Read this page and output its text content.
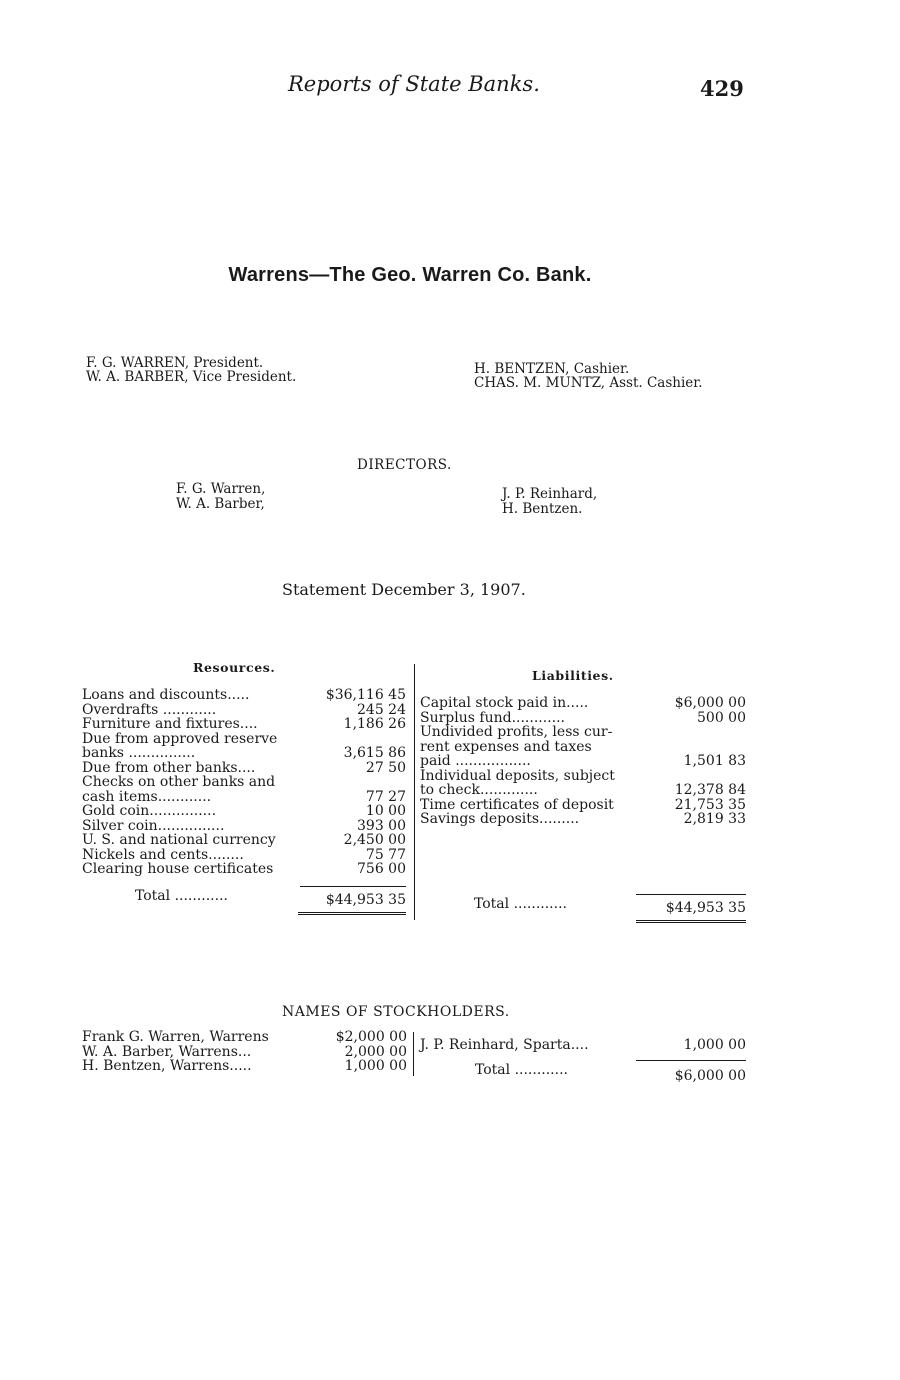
Reports of State Banks.	429
Warrens—The Geo. Warren Co. Bank.
F. G. WARREN, President.
W. A. BARBER, Vice President.	H. BENTZEN, Cashier.
CHAS. M. MUNTZ, Asst. Cashier.
DIRECTORS.
F. G. Warren,
W. A. Barber,
J. P. Reinhard,
H. Bentzen.
Statement December 3, 1907.
Resources.
Loans and discounts.....	$36,116 45
Overdrafts ............	245 24
Furniture and fixtures....	1,186 26
Due from approved reserve
banks ...............	3,615 86
Due from other banks....	27 50
Checks on other banks and
cash items............	77 27
Gold coin...............	10 00
Silver coin...............	393 00
U. S. and national currency	2,450 00
Nickels and cents........	75 77
Clearing house certificates	756 00
Total ............	$44,953 35
Liabilities.
Capital stock paid in.....	$6,000 00
Surplus fund............	500 00
Undivided profits, less cur-
rent expenses and taxes
paid .................	1,501 83
Individual deposits, subject
to check.............	12,378 84
Time certificates of deposit	21,753 35
Savings deposits.........	2,819 33
Total ............	$44,953 35
NAMES OF STOCKHOLDERS.
Frank G. Warren, Warrens	$2,000 00
W. A. Barber, Warrens...	2,000 00
H. Bentzen, Warrens.....	1,000 00
J. P. Reinhard, Sparta....	1,000 00
Total ............	$6,000 00
